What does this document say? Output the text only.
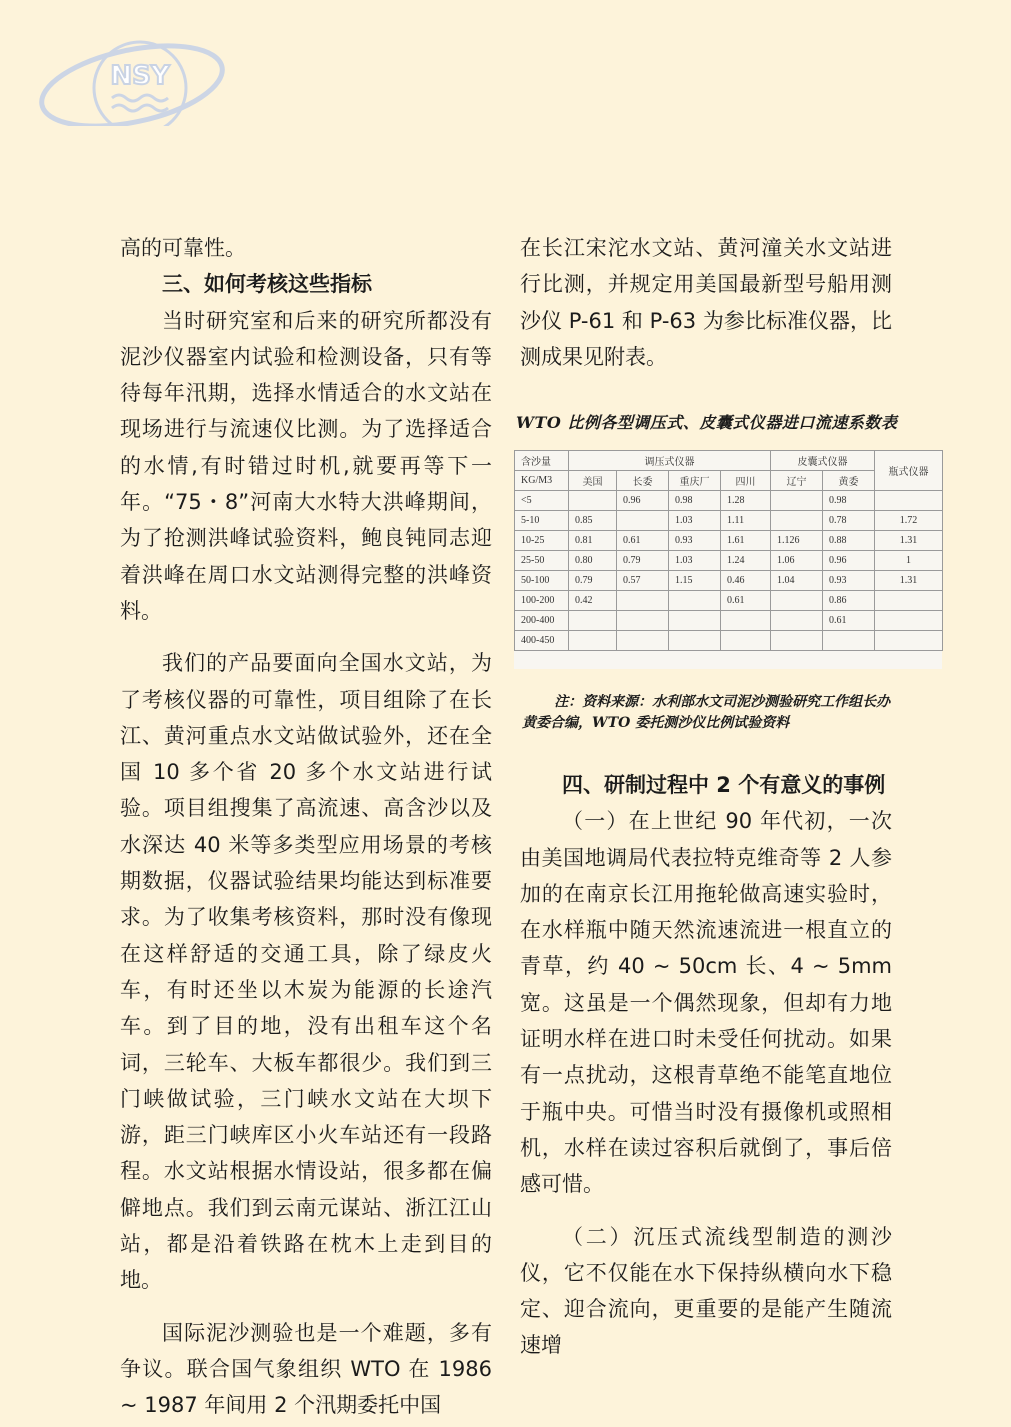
NSY

高的可靠性。

三、如何考核这些指标

当时研究室和后来的研究所都没有泥沙仪器室内试验和检测设备，只有等待每年汛期，选择水情适合的水文站在现场进行与流速仪比测。为了选择适合的水情,有时错过时机,就要再等下一年。“75・8”河南大水特大洪峰期间，为了抢测洪峰试验资料，鲍良钝同志迎着洪峰在周口水文站测得完整的洪峰资料。

我们的产品要面向全国水文站，为了考核仪器的可靠性，项目组除了在长江、黄河重点水文站做试验外，还在全国 10 多个省 20 多个水文站进行试验。项目组搜集了高流速、高含沙以及水深达 40 米等多类型应用场景的考核期数据，仪器试验结果均能达到标准要求。为了收集考核资料，那时没有像现在这样舒适的交通工具，除了绿皮火车，有时还坐以木炭为能源的长途汽车。到了目的地，没有出租车这个名词，三轮车、大板车都很少。我们到三门峡做试验，三门峡水文站在大坝下游，距三门峡库区小火车站还有一段路程。水文站根据水情设站，很多都在偏僻地点。我们到云南元谋站、浙江江山站，都是沿着铁路在枕木上走到目的地。

国际泥沙测验也是一个难题，多有争议。联合国气象组织 WTO 在 1986 ~ 1987 年间用 2 个汛期委托中国

在长江宋沱水文站、黄河潼关水文站进行比测，并规定用美国最新型号船用测沙仪 P-61 和 P-63 为参比标准仪器，比测成果见附表。

WTO 比例各型调压式、皮囊式仪器进口流速系数表
含沙量	调压式仪器				皮囊式仪器		瓶式仪器
KG/M3	美国	长委	重庆厂	四川	辽宁	黄委	
<5		0.96	0.98	1.28		0.98	
5-10	0.85		1.03	1.11		0.78	1.72
10-25	0.81	0.61	0.93	1.61	1.126	0.88	1.31
25-50	0.80	0.79	1.03	1.24	1.06	0.96	1
50-100	0.79	0.57	1.15	0.46	1.04	0.93	1.31
100-200	0.42			0.61		0.86	
200-400						0.61	
400-450							
注：资料来源：水利部水文司泥沙测验研究工作组长办黄委合编，WTO 委托测沙仪比例试验资料
四、研制过程中 2 个有意义的事例

（一）在上世纪 90 年代初，一次由美国地调局代表拉特克维奇等 2 人参加的在南京长江用拖轮做高速实验时，在水样瓶中随天然流速流进一根直立的青草，约 40 ~ 50cm 长、4 ~ 5mm 宽。这虽是一个偶然现象，但却有力地证明水样在进口时未受任何扰动。如果有一点扰动，这根青草绝不能笔直地位于瓶中央。可惜当时没有摄像机或照相机，水样在读过容积后就倒了，事后倍感可惜。

（二）沉压式流线型制造的测沙仪，它不仅能在水下保持纵横向水下稳定、迎合流向，更重要的是能产生随流速增
